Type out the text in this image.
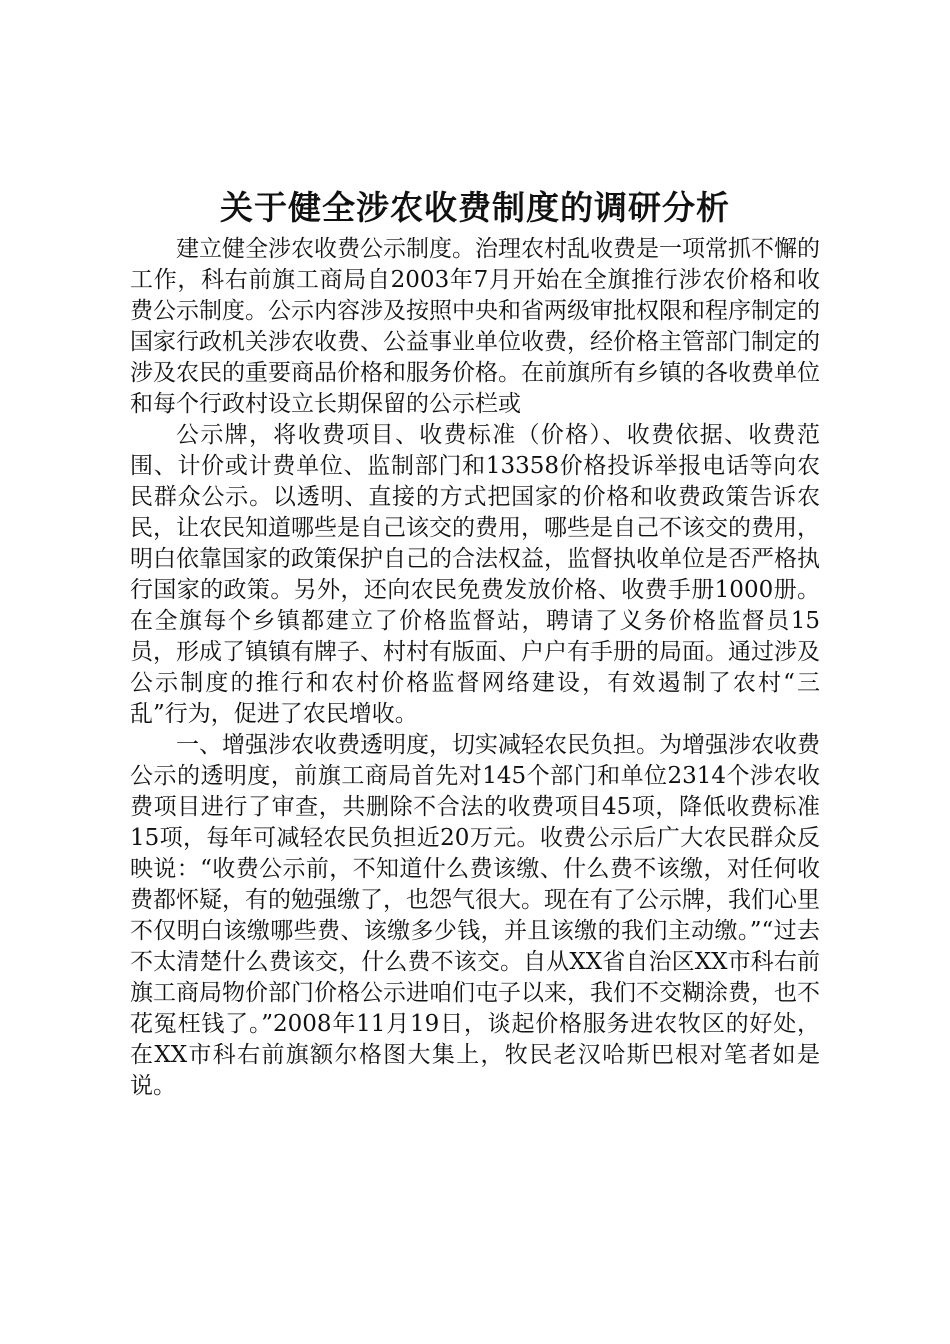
关于健全涉农收费制度的调研分析

建立健全涉农收费公示制度。治理农村乱收费是一项常抓不懈的工作，科右前旗工商局自2003年7月开始在全旗推行涉农价格和收费公示制度。公示内容涉及按照中央和省两级审批权限和程序制定的国家行政机关涉农收费、公益事业单位收费，经价格主管部门制定的涉及农民的重要商品价格和服务价格。在前旗所有乡镇的各收费单位和每个行政村设立长期保留的公示栏或

公示牌，将收费项目、收费标准（价格）、收费依据、收费范围、计价或计费单位、监制部门和13358价格投诉举报电话等向农民群众公示。以透明、直接的方式把国家的价格和收费政策告诉农民，让农民知道哪些是自己该交的费用，哪些是自己不该交的费用，明白依靠国家的政策保护自己的合法权益，监督执收单位是否严格执行国家的政策。另外，还向农民免费发放价格、收费手册1000册。在全旗每个乡镇都建立了价格监督站，聘请了义务价格监督员15员，形成了镇镇有牌子、村村有版面、户户有手册的局面。通过涉及公示制度的推行和农村价格监督网络建设，有效遏制了农村“三乱”行为，促进了农民增收。

一、增强涉农收费透明度，切实减轻农民负担。为增强涉农收费公示的透明度，前旗工商局首先对145个部门和单位2314个涉农收费项目进行了审查，共删除不合法的收费项目45项，降低收费标准15项，每年可减轻农民负担近20万元。收费公示后广大农民群众反映说：“收费公示前，不知道什么费该缴、什么费不该缴，对任何收费都怀疑，有的勉强缴了，也怨气很大。现在有了公示牌，我们心里不仅明白该缴哪些费、该缴多少钱，并且该缴的我们主动缴。”“过去不太清楚什么费该交，什么费不该交。自从XX省自治区XX市科右前旗工商局物价部门价格公示进咱们屯子以来，我们不交糊涂费，也不花冤枉钱了。”2008年11月19日，谈起价格服务进农牧区的好处，在XX市科右前旗额尔格图大集上，牧民老汉哈斯巴根对笔者如是说。
